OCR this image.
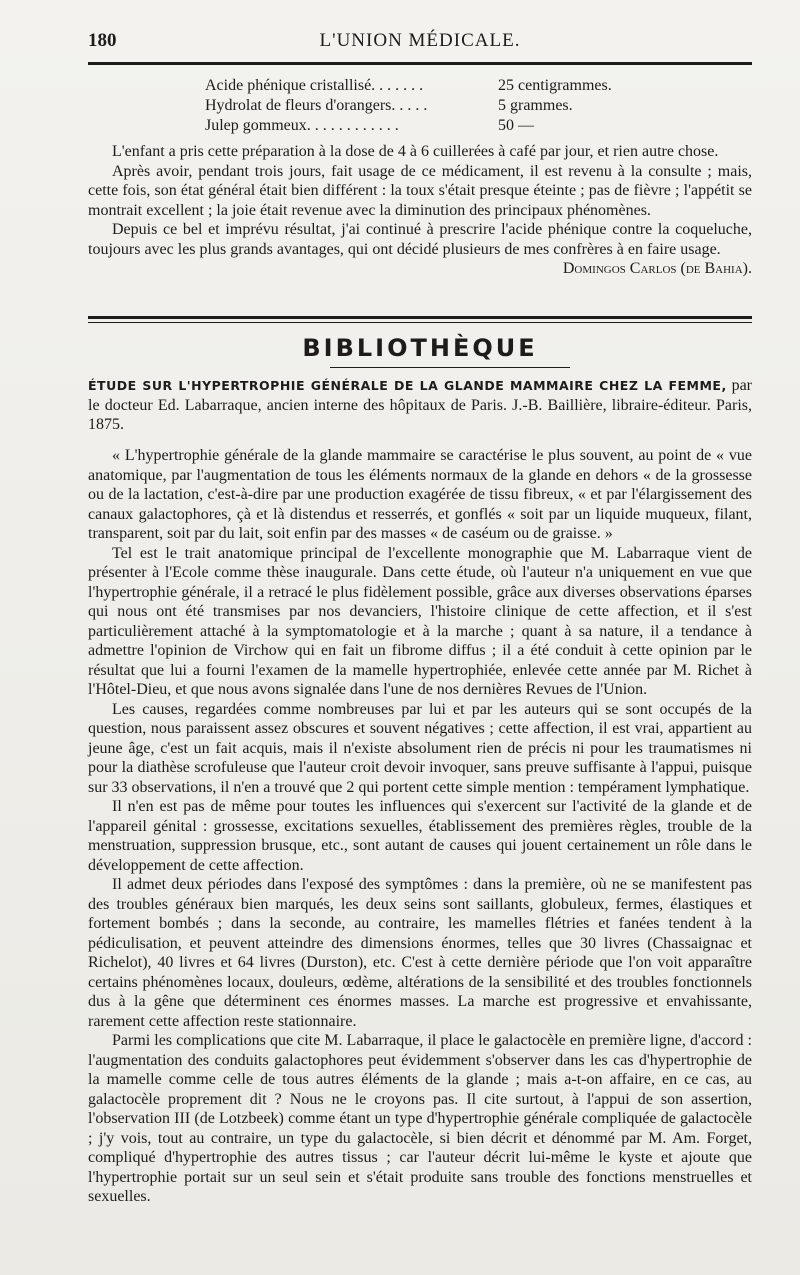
180	L'UNION MÉDICALE.
Acide phénique cristallisé. . . . . . .	25 centigrammes.
Hydrolat de fleurs d'orangers. . . . .	5 grammes.
Julep gommeux. . . . . . . . . . . .	50 —

L'enfant a pris cette préparation à la dose de 4 à 6 cuillerées à café par jour, et rien autre chose.

Après avoir, pendant trois jours, fait usage de ce médicament, il est revenu à la consulte ; mais, cette fois, son état général était bien différent : la toux s'était presque éteinte ; pas de fièvre ; l'appétit se montrait excellent ; la joie était revenue avec la diminution des principaux phénomènes.

Depuis ce bel et imprévu résultat, j'ai continué à prescrire l'acide phénique contre la coqueluche, toujours avec les plus grands avantages, qui ont décidé plusieurs de mes confrères à en faire usage.

Domingos Carlos (de Bahia).

BIBLIOTHÈQUE
ÉTUDE SUR L'HYPERTROPHIE GÉNÉRALE DE LA GLANDE MAMMAIRE CHEZ LA FEMME, par le docteur Ed. Labarraque, ancien interne des hôpitaux de Paris. J.-B. Baillière, libraire-éditeur. Paris, 1875.

« L'hypertrophie générale de la glande mammaire se caractérise le plus souvent, au point de « vue anatomique, par l'augmentation de tous les éléments normaux de la glande en dehors « de la grossesse ou de la lactation, c'est-à-dire par une production exagérée de tissu fibreux, « et par l'élargissement des canaux galactophores, çà et là distendus et resserrés, et gonflés « soit par un liquide muqueux, filant, transparent, soit par du lait, soit enfin par des masses « de caséum ou de graisse. »

Tel est le trait anatomique principal de l'excellente monographie que M. Labarraque vient de présenter à l'Ecole comme thèse inaugurale. Dans cette étude, où l'auteur n'a uniquement en vue que l'hypertrophie générale, il a retracé le plus fidèlement possible, grâce aux diverses observations éparses qui nous ont été transmises par nos devanciers, l'histoire clinique de cette affection, et il s'est particulièrement attaché à la symptomatologie et à la marche ; quant à sa nature, il a tendance à admettre l'opinion de Virchow qui en fait un fibrome diffus ; il a été conduit à cette opinion par le résultat que lui a fourni l'examen de la mamelle hypertrophiée, enlevée cette année par M. Richet à l'Hôtel-Dieu, et que nous avons signalée dans l'une de nos dernières Revues de l'Union.

Les causes, regardées comme nombreuses par lui et par les auteurs qui se sont occupés de la question, nous paraissent assez obscures et souvent négatives ; cette affection, il est vrai, appartient au jeune âge, c'est un fait acquis, mais il n'existe absolument rien de précis ni pour les traumatismes ni pour la diathèse scrofuleuse que l'auteur croit devoir invoquer, sans preuve suffisante à l'appui, puisque sur 33 observations, il n'en a trouvé que 2 qui portent cette simple mention : tempérament lymphatique.

Il n'en est pas de même pour toutes les influences qui s'exercent sur l'activité de la glande et de l'appareil génital : grossesse, excitations sexuelles, établissement des premières règles, trouble de la menstruation, suppression brusque, etc., sont autant de causes qui jouent certainement un rôle dans le développement de cette affection.

Il admet deux périodes dans l'exposé des symptômes : dans la première, où ne se manifestent pas des troubles généraux bien marqués, les deux seins sont saillants, globuleux, fermes, élastiques et fortement bombés ; dans la seconde, au contraire, les mamelles flétries et fanées tendent à la pédiculisation, et peuvent atteindre des dimensions énormes, telles que 30 livres (Chassaignac et Richelot), 40 livres et 64 livres (Durston), etc. C'est à cette dernière période que l'on voit apparaître certains phénomènes locaux, douleurs, œdème, altérations de la sensibilité et des troubles fonctionnels dus à la gêne que déterminent ces énormes masses. La marche est progressive et envahissante, rarement cette affection reste stationnaire.

Parmi les complications que cite M. Labarraque, il place le galactocèle en première ligne, d'accord : l'augmentation des conduits galactophores peut évidemment s'observer dans les cas d'hypertrophie de la mamelle comme celle de tous autres éléments de la glande ; mais a-t-on affaire, en ce cas, au galactocèle proprement dit ? Nous ne le croyons pas. Il cite surtout, à l'appui de son assertion, l'observation III (de Lotzbeek) comme étant un type d'hypertrophie générale compliquée de galactocèle ; j'y vois, tout au contraire, un type du galactocèle, si bien décrit et dénommé par M. Am. Forget, compliqué d'hypertrophie des autres tissus ; car l'auteur décrit lui-même le kyste et ajoute que l'hypertrophie portait sur un seul sein et s'était produite sans trouble des fonctions menstruelles et sexuelles.
